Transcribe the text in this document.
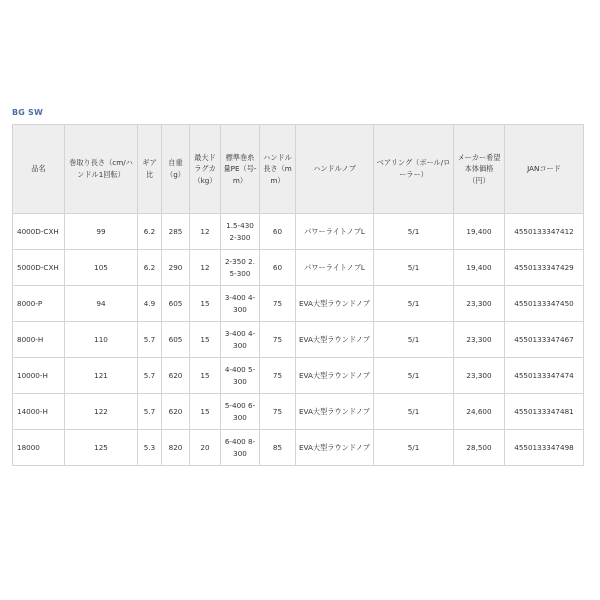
BG SW
品名	巻取り長さ（cm/ハンドル1回転）	ギア比	自重（g）	最大ドラグカ（kg）	標準巻糸量PE（号-m）	ハンドル長さ（mm）	ハンドルノブ	ベアリング（ボール/ローラー）	メーカー希望本体価格（円）	JANコード
4000D-CXH	99	6.2	285	12	1.5-430 2-300	60	パワーライトノブL	5/1	19,400	4550133347412
5000D-CXH	105	6.2	290	12	2-350 2.5-300	60	パワーライトノブL	5/1	19,400	4550133347429
8000-P	94	4.9	605	15	3-400 4-300	75	EVA大型ラウンドノブ	5/1	23,300	4550133347450
8000-H	110	5.7	605	15	3-400 4-300	75	EVA大型ラウンドノブ	5/1	23,300	4550133347467
10000-H	121	5.7	620	15	4-400 5-300	75	EVA大型ラウンドノブ	5/1	23,300	4550133347474
14000-H	122	5.7	620	15	5-400 6-300	75	EVA大型ラウンドノブ	5/1	24,600	4550133347481
18000	125	5.3	820	20	6-400 8-300	85	EVA大型ラウンドノブ	5/1	28,500	4550133347498
